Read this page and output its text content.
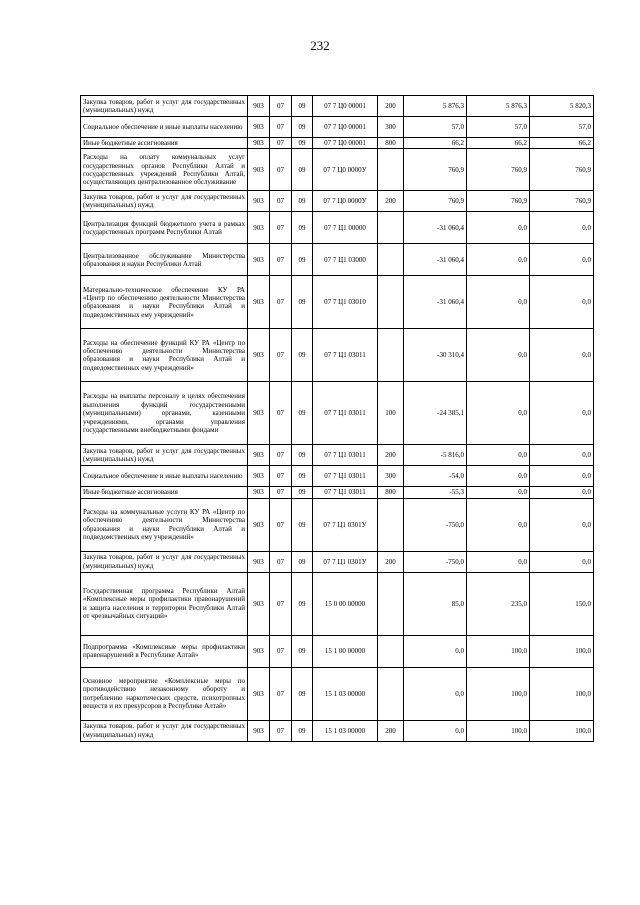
232
Закупка товаров, работ и услуг для государственных (муниципальных) нужд	903	07	09	07 7 Ц0 00001	200	5 876,3	5 876,3	5 820,3
Социальное обеспечение и иные выплаты населению	903	07	09	07 7 Ц0 00001	300	57,0	57,0	57,0
Иные бюджетные ассигнования	903	07	09	07 7 Ц0 00001	800	66,2	66,2	66,2
Расходы на оплату коммунальных услуг государственных органов Республики Алтай и государственных учреждений Республики Алтай, осуществляющих централизованное обслуживание	903	07	09	07 7 Ц0 0000У		760,9	760,9	760,9
Закупка товаров, работ и услуг для государственных (муниципальных) нужд	903	07	09	07 7 Ц0 0000У	200	760,9	760,9	760,9
Централизация функций бюджетного учета в рамках государственных программ Республики Алтай	903	07	09	07 7 Ц1 00000		-31 060,4	0,0	0,0
Централизованное обслуживание Министерства образования и науки Республики Алтай	903	07	09	07 7 Ц1 03000		-31 060,4	0,0	0,0
Материально-техническое обеспечение КУ РА «Центр по обеспечению деятельности Министерства образования и науки Республики Алтай и подведомственных ему учреждений»	903	07	09	07 7 Ц1 03010		-31 060,4	0,0	0,0
Расходы на обеспечение функций КУ РА «Центр по обеспечению деятельности Министерства образования и науки Республики Алтай и подведомственных ему учреждений»	903	07	09	07 7 Ц1 03011		-30 310,4	0,0	0,0
Расходы на выплаты персоналу в целях обеспечения выполнения функций государственными (муниципальными) органами, казенными учреждениями, органами управления государственными внебюджетными фондами	903	07	09	07 7 Ц1 03011	100	-24 385,1	0,0	0,0
Закупка товаров, работ и услуг для государственных (муниципальных) нужд	903	07	09	07 7 Ц1 03011	200	-5 816,0	0,0	0,0
Социальное обеспечение и иные выплаты населению	903	07	09	07 7 Ц1 03011	300	-54,0	0,0	0,0
Иные бюджетные ассигнования	903	07	09	07 7 Ц1 03011	800	-55,3	0,0	0,0
Расходы на коммунальные услуги КУ РА «Центр по обеспечению деятельности Министерства образования и науки Республики Алтай и подведомственных ему учреждений»	903	07	09	07 7 Ц1 0301У		-750,0	0,0	0,0
Закупка товаров, работ и услуг для государственных (муниципальных) нужд	903	07	09	07 7 Ц1 0301У	200	-750,0	0,0	0,0
Государственная программа Республики Алтай «Комплексные меры профилактики правонарушений и защита населения и территории Республики Алтай от чрезвычайных ситуаций»	903	07	09	15 0 00 00000		85,0	235,0	150,0
Подпрограмма «Комплексные меры профилактики правонарушений в Республике Алтай»	903	07	09	15 1 00 00000		0,0	100,0	100,0
Основное мероприятие «Комплексные меры по противодействию незаконному обороту и потреблению наркотических средств, психотропных веществ и их прекурсоров в Республике Алтай»	903	07	09	15 1 03 00000		0,0	100,0	100,0
Закупка товаров, работ и услуг для государственных (муниципальных) нужд	903	07	09	15 1 03 00000	200	0,0	100,0	100,0
